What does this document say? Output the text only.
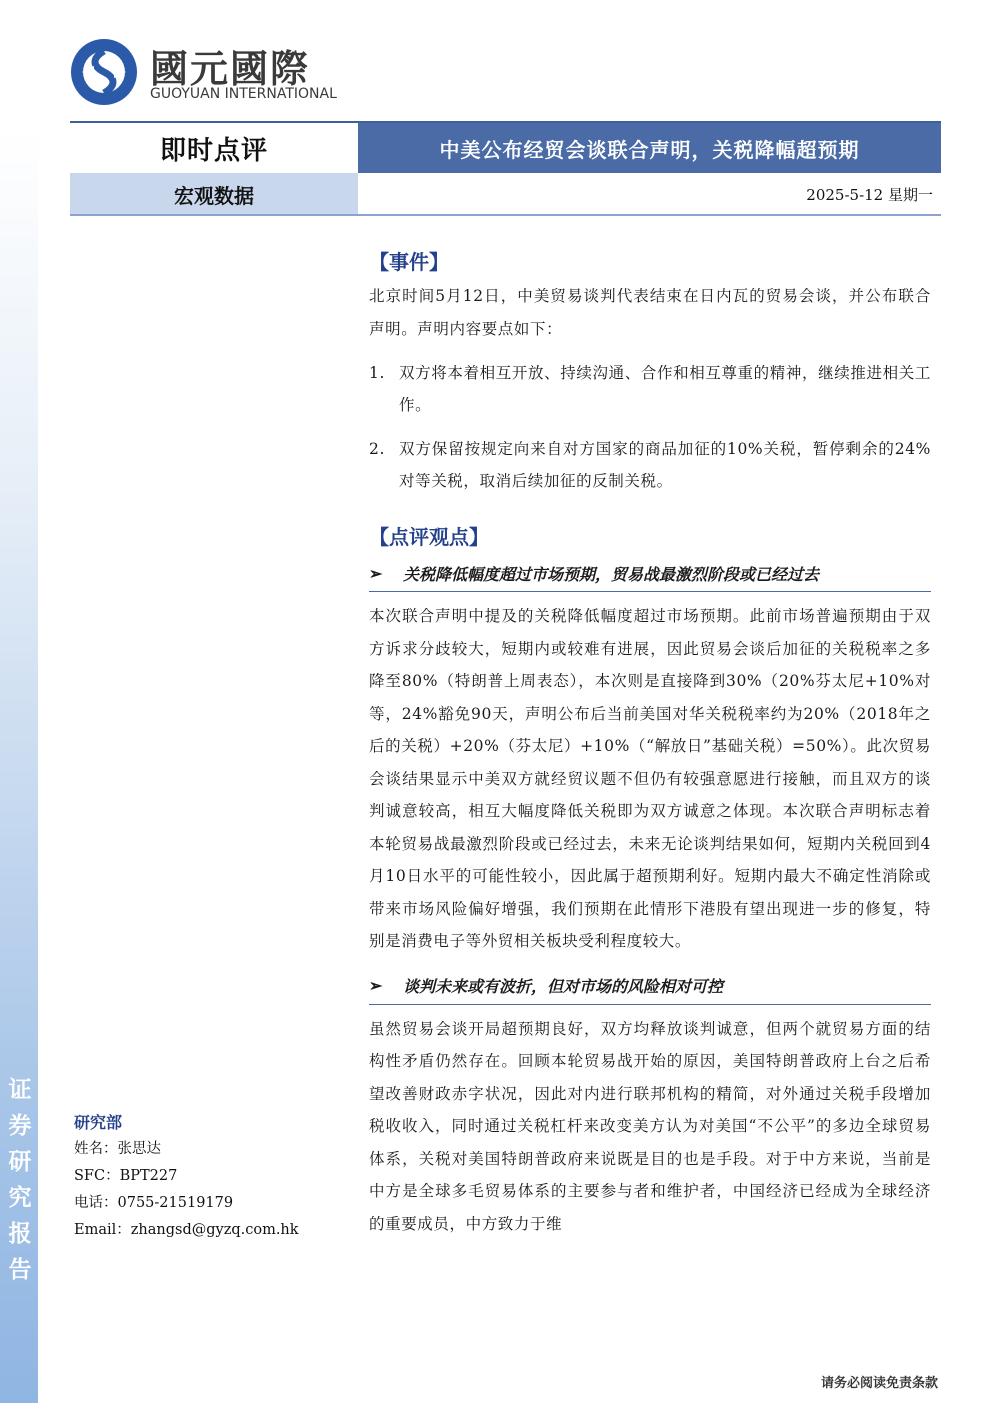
证
券
研
究
报
告
國元國際
GUOYUAN INTERNATIONAL
即时点评	中美公布经贸会谈联合声明，关税降幅超预期
宏观数据	2025-5-12 星期一
【事件】

北京时间5月12日，中美贸易谈判代表结束在日内瓦的贸易会谈，并公布联合声明。声明内容要点如下：

1. 双方将本着相互开放、持续沟通、合作和相互尊重的精神，继续推进相关工作。
2. 双方保留按规定向来自对方国家的商品加征的10%关税，暂停剩余的24%对等关税，取消后续加征的反制关税。
【点评观点】
➢	关税降低幅度超过市场预期，贸易战最激烈阶段或已经过去

本次联合声明中提及的关税降低幅度超过市场预期。此前市场普遍预期由于双方诉求分歧较大，短期内或较难有进展，因此贸易会谈后加征的关税税率之多降至80%（特朗普上周表态），本次则是直接降到30%（20%芬太尼+10%对等，24%豁免90天，声明公布后当前美国对华关税税率约为20%（2018年之后的关税）+20%（芬太尼）+10%（“解放日”基础关税）=50%）。此次贸易会谈结果显示中美双方就经贸议题不但仍有较强意愿进行接触，而且双方的谈判诚意较高，相互大幅度降低关税即为双方诚意之体现。本次联合声明标志着本轮贸易战最激烈阶段或已经过去，未来无论谈判结果如何，短期内关税回到4月10日水平的可能性较小，因此属于超预期利好。短期内最大不确定性消除或带来市场风险偏好增强，我们预期在此情形下港股有望出现进一步的修复，特别是消费电子等外贸相关板块受利程度较大。

➢	谈判未来或有波折，但对市场的风险相对可控

虽然贸易会谈开局超预期良好，双方均释放谈判诚意，但两个就贸易方面的结构性矛盾仍然存在。回顾本轮贸易战开始的原因，美国特朗普政府上台之后希望改善财政赤字状况，因此对内进行联邦机构的精简，对外通过关税手段增加税收收入，同时通过关税杠杆来改变美方认为对美国“不公平”的多边全球贸易体系，关税对美国特朗普政府来说既是目的也是手段。对于中方来说，当前是中方是全球多毛贸易体系的主要参与者和维护者，中国经济已经成为全球经济的重要成员，中方致力于维

研究部
姓名：张思达
SFC：BPT227
电话：0755-21519179
Email：zhangsd@gyzq.com.hk
请务必阅读免责条款
